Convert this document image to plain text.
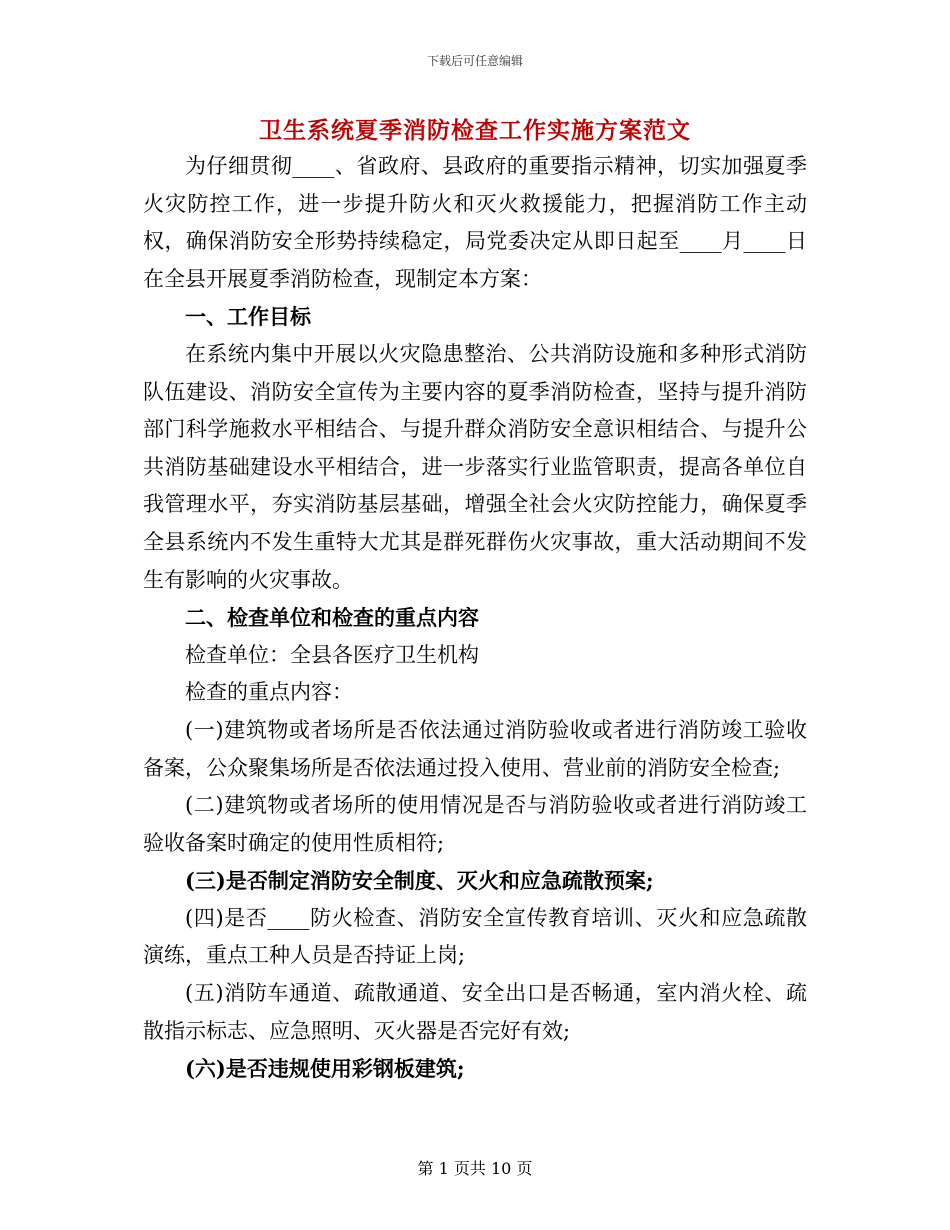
下载后可任意编辑
卫生系统夏季消防检查工作实施方案范文

为仔细贯彻____、省政府、县政府的重要指示精神，切实加强夏季火灾防控工作，进一步提升防火和灭火救援能力，把握消防工作主动权，确保消防安全形势持续稳定，局党委决定从即日起至____月____日在全县开展夏季消防检查，现制定本方案：

一、工作目标

在系统内集中开展以火灾隐患整治、公共消防设施和多种形式消防队伍建设、消防安全宣传为主要内容的夏季消防检查，坚持与提升消防部门科学施救水平相结合、与提升群众消防安全意识相结合、与提升公共消防基础建设水平相结合，进一步落实行业监管职责，提高各单位自我管理水平，夯实消防基层基础，增强全社会火灾防控能力，确保夏季全县系统内不发生重特大尤其是群死群伤火灾事故，重大活动期间不发生有影响的火灾事故。

二、检查单位和检查的重点内容

检查单位：全县各医疗卫生机构

检查的重点内容：

(一)建筑物或者场所是否依法通过消防验收或者进行消防竣工验收备案，公众聚集场所是否依法通过投入使用、营业前的消防安全检查;

(二)建筑物或者场所的使用情况是否与消防验收或者进行消防竣工验收备案时确定的使用性质相符;

(三)是否制定消防安全制度、灭火和应急疏散预案;

(四)是否____防火检查、消防安全宣传教育培训、灭火和应急疏散演练，重点工种人员是否持证上岗;

(五)消防车通道、疏散通道、安全出口是否畅通，室内消火栓、疏散指示标志、应急照明、灭火器是否完好有效;

(六)是否违规使用彩钢板建筑;

第 1 页共 10 页
